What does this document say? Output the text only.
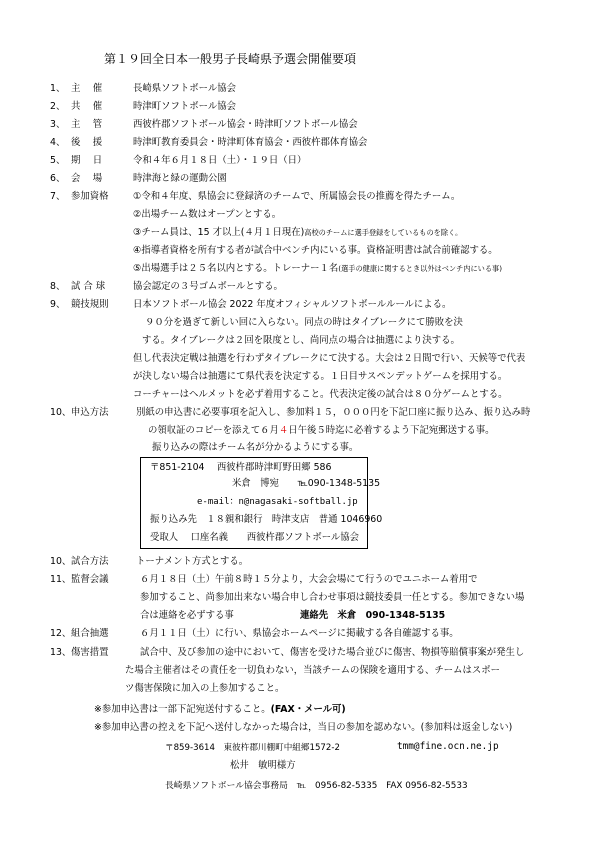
第１９回全日本一般男子長崎県予選会開催要項
1、 主　 催	長崎県ソフトボール協会
2、 共　 催	時津町ソフトボール協会
3、 主　 管	西彼杵郡ソフトボール協会・時津町ソフトボール協会
4、 後　 援	時津町教育委員会・時津町体育協会・西彼杵郡体育協会
5、 期　 日	令和４年６月１８日（土）・１９日（日）
6、 会　 場	時津海と緑の運動公園
7、 参加資格	①令和４年度、県協会に登録済のチームで、所属協会長の推薦を得たチーム。
②出場チーム数はオープンとする。
③チーム員は、15 才以上(４月１日現在)高校のチームに選手登録をしているものを除く。
④指導者資格を所有する者が試合中ベンチ内にいる事。資格証明書は試合前確認する。
⑤出場選手は２５名以内とする。トレーナー１名(選手の健康に関するとき以外はベンチ内にいる事)
8、 試 合 球	協会認定の３号ゴムボールとする。
9、 競技規則	日本ソフトボール協会 2022 年度オフィシャルソフトボールルールによる。
９０分を過ぎて新しい回に入らない。同点の時はタイブレークにて勝敗を決
する。タイブレークは２回を限度とし、尚同点の場合は抽選により決する。
但し代表決定戦は抽選を行わずタイブレークにて決する。大会は２日間で行い、天候等で代表
が決しない場合は抽選にて県代表を決定する。１日目サスペンデットゲームを採用する。
コーチャーはヘルメットを必ず着用すること。代表決定後の試合は８０分ゲームとする。
10、 申込方法	別紙の申込書に必要事項を記入し、参加料１５，０００円を下記口座に振り込み、振り込み時
の領収証のコピーを添えて６月４日午後５時迄に必着するよう下記宛郵送する事。
振り込みの際はチーム名が分かるようにする事。
〒851-2104　 西彼杵郡時津町野田郷 586
米倉　博宛　　℡090-1348-5135
e-mail：n@nagasaki-softball.jp
振り込み先　１８親和銀行　時津支店　普通 1046960
受取人　 口座名義　　西彼杵郡ソフトボール協会
10、 試合方法	トーナメント方式とする。
11、 監督会議	６月１８日（土）午前８時１５分より，大会会場にて行うのでユニホーム着用で
参加すること、尚参加出来ない場合申し合わせ事項は競技委員一任とする。参加できない場
合は連絡を必ずする事	連絡先　米倉　090-1348-5135
12、 組合抽選	６月１１日（土）に行い、県協会ホームページに掲載する各自確認する事。
13、 傷害措置	試合中、及び参加の途中において、傷害を受けた場合並びに傷害、物損等賠償事案が発生し
た場合主催者はその責任を一切負わない，当該チームの保険を適用する、チームはスポー
ツ傷害保険に加入の上参加すること。
※参加申込書は一部下記宛送付すること。(FAX・メール可)
※参加申込書の控えを下記へ送付しなかった場合は，当日の参加を認めない。(参加料は返金しない)
〒859-3614　東彼杵郡川棚町中組郷1572-2	tmm@fine.ocn.ne.jp
松井　敏明様方
長崎県ソフトボール協会事務局　℡　0956-82-5335　FAX 0956-82-5533
